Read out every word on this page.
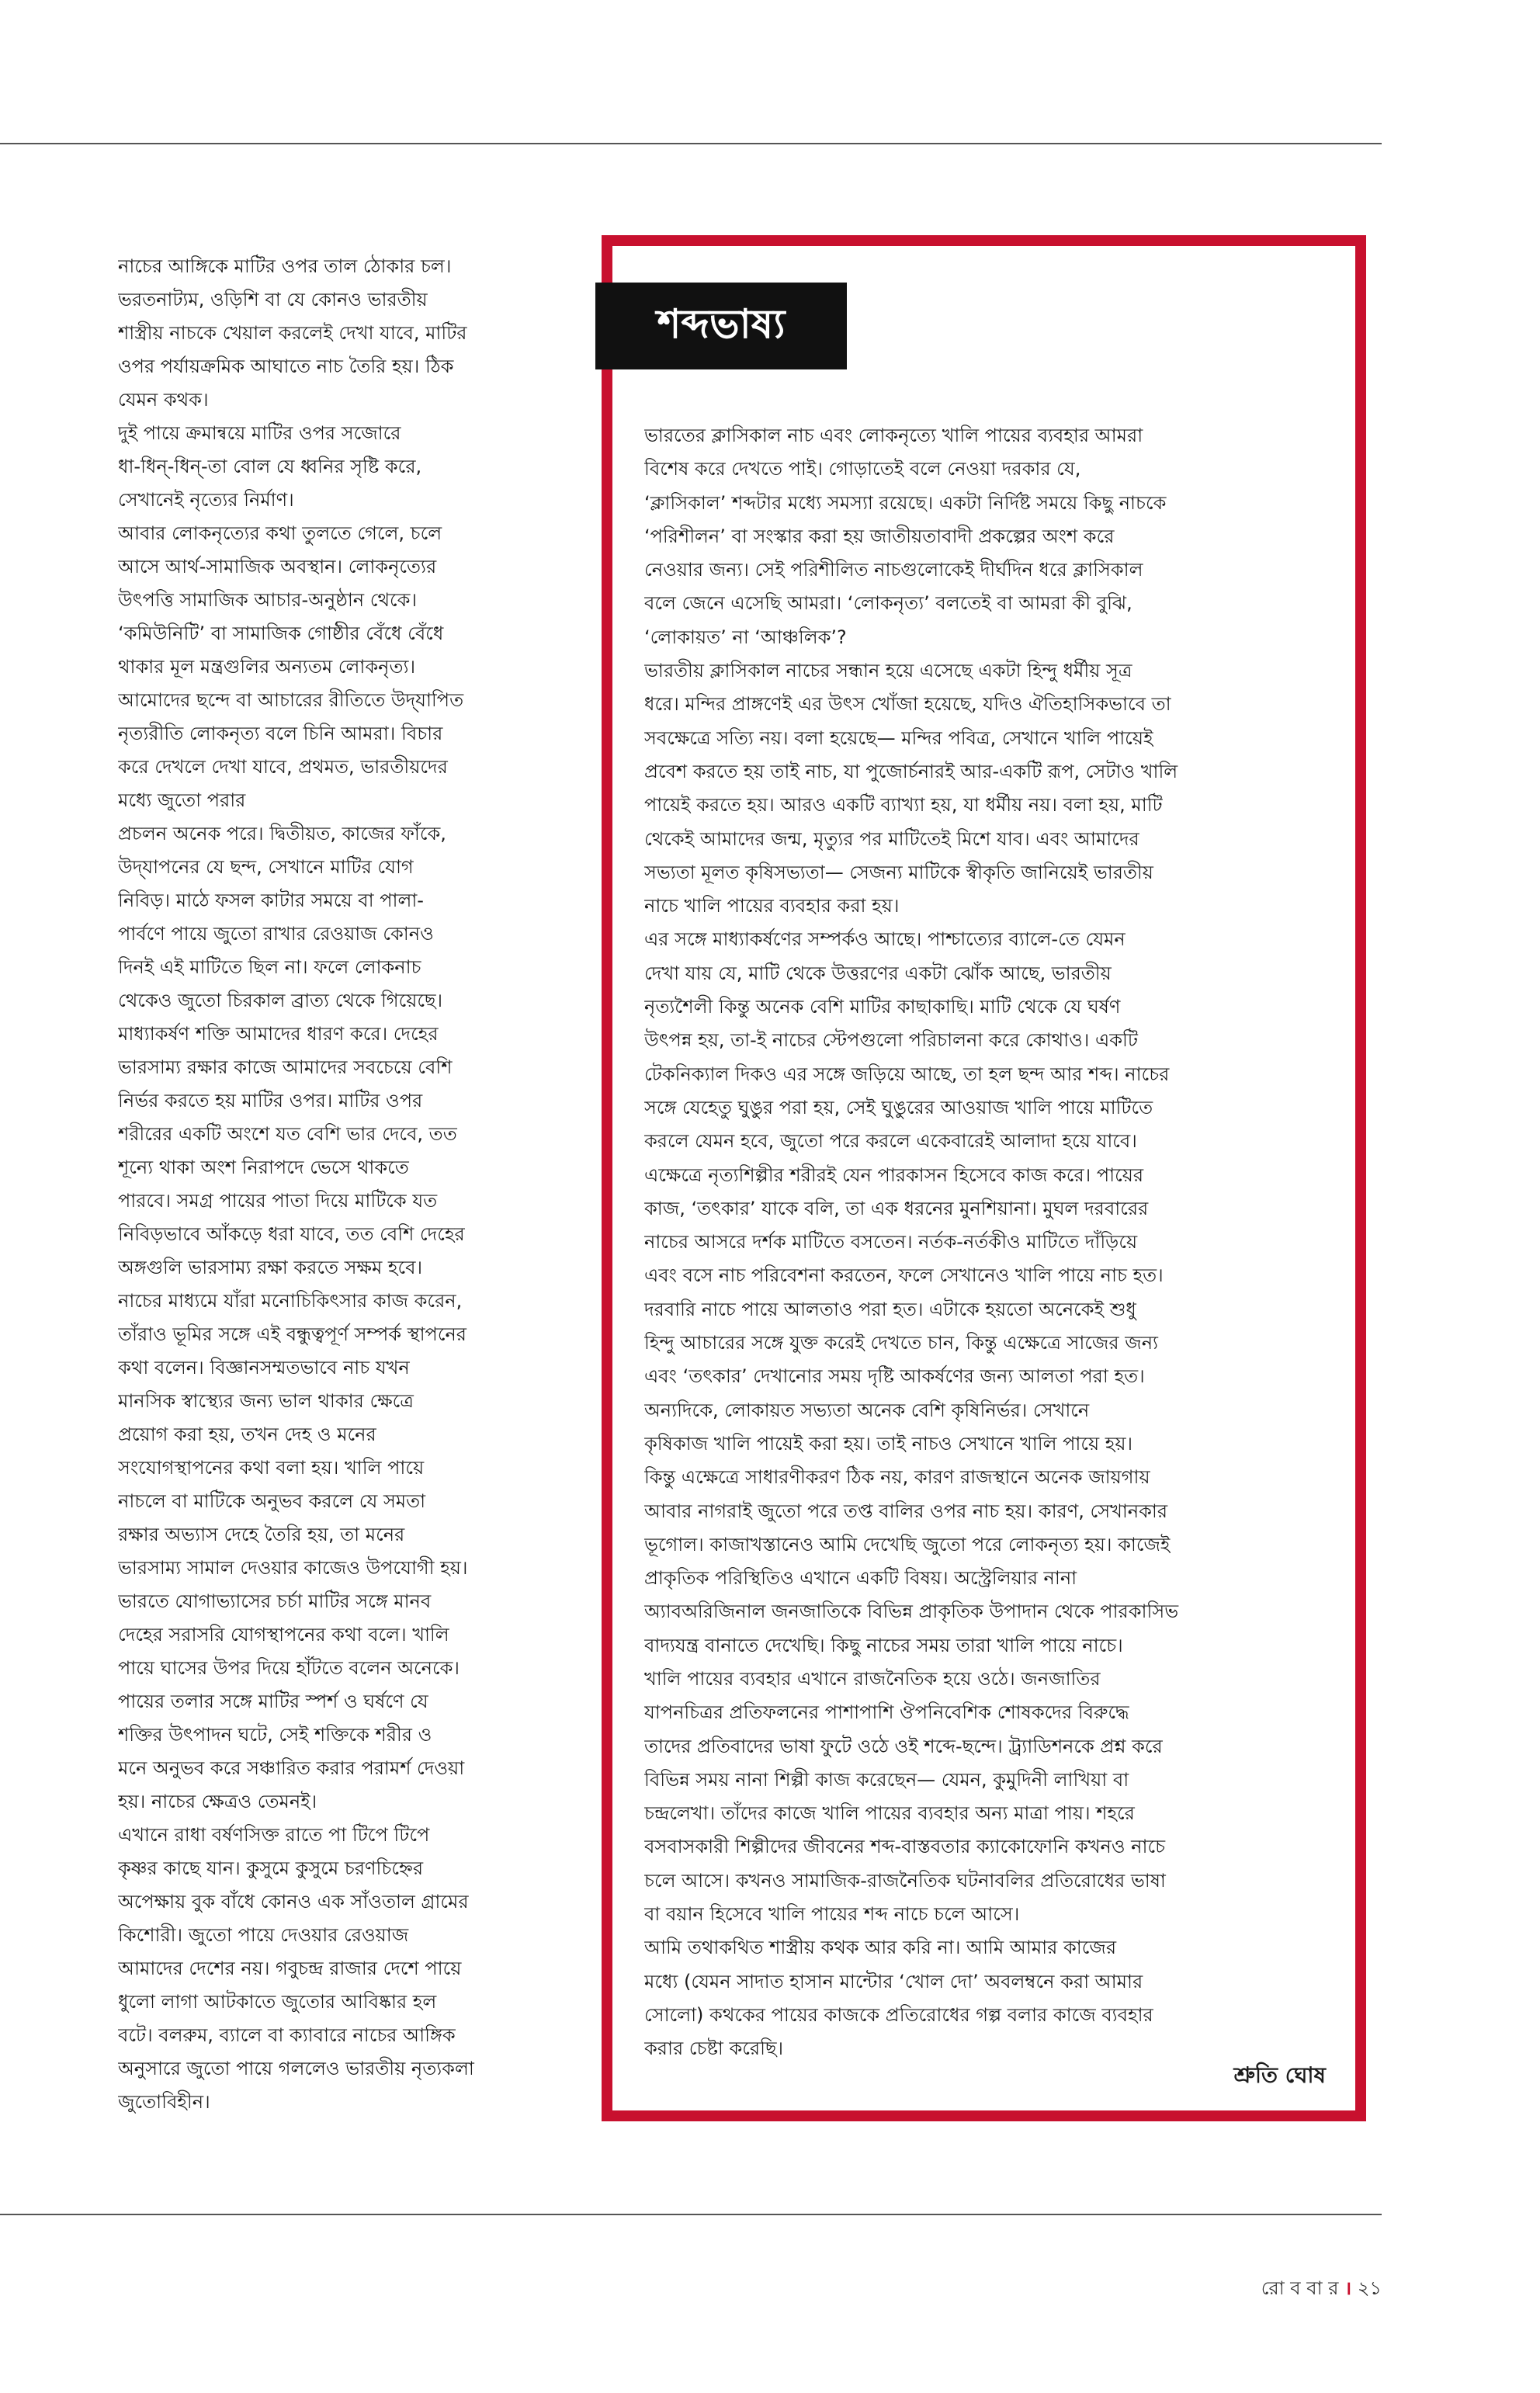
নাচের আঙ্গিকে মাটির ওপর তাল ঠোকার চল।
ভরতনাট্যম, ওড়িশি বা যে কোনও ভারতীয়
শাস্ত্রীয় নাচকে খেয়াল করলেই দেখা যাবে, মাটির
ওপর পর্যায়ক্রমিক আঘাতে নাচ তৈরি হয়। ঠিক
যেমন কথক।
দুই পায়ে ক্রমান্বয়ে মাটির ওপর সজোরে
ধা-ধিন্-ধিন্-তা বোল যে ধ্বনির সৃষ্টি করে,
সেখানেই নৃত্যের নির্মাণ।
আবার লোকনৃত্যের কথা তুলতে গেলে, চলে
আসে আর্থ-সামাজিক অবস্থান। লোকনৃত্যের
উৎপত্তি সামাজিক আচার-অনুষ্ঠান থেকে।
‘কমিউনিটি’ বা সামাজিক গোষ্ঠীর বেঁধে বেঁধে
থাকার মূল মন্ত্রগুলির অন্যতম লোকনৃত্য।
আমোদের ছন্দে বা আচারের রীতিতে উদ্‌যাপিত
নৃত্যরীতি লোকনৃত্য বলে চিনি আমরা। বিচার
করে দেখলে দেখা যাবে, প্রথমত, ভারতীয়দের
মধ্যে জুতো পরার
প্রচলন অনেক পরে। দ্বিতীয়ত, কাজের ফাঁকে,
উদ্‌যাপনের যে ছন্দ, সেখানে মাটির যোগ
নিবিড়। মাঠে ফসল কাটার সময়ে বা পালা-
পার্বণে পায়ে জুতো রাখার রেওয়াজ কোনও
দিনই এই মাটিতে ছিল না। ফলে লোকনাচ
থেকেও জুতো চিরকাল ব্রাত্য থেকে গিয়েছে।
মাধ্যাকর্ষণ শক্তি আমাদের ধারণ করে। দেহের
ভারসাম্য রক্ষার কাজে আমাদের সবচেয়ে বেশি
নির্ভর করতে হয় মাটির ওপর। মাটির ওপর
শরীরের একটি অংশে যত বেশি ভার দেবে, তত
শূন্যে থাকা অংশ নিরাপদে ভেসে থাকতে
পারবে। সমগ্র পায়ের পাতা দিয়ে মাটিকে যত
নিবিড়ভাবে আঁকড়ে ধরা যাবে, তত বেশি দেহের
অঙ্গগুলি ভারসাম্য রক্ষা করতে সক্ষম হবে।
নাচের মাধ্যমে যাঁরা মনোচিকিৎসার কাজ করেন,
তাঁরাও ভূমির সঙ্গে এই বন্ধুত্বপূর্ণ সম্পর্ক স্থাপনের
কথা বলেন। বিজ্ঞানসম্মতভাবে নাচ যখন
মানসিক স্বাস্থ্যের জন্য ভাল থাকার ক্ষেত্রে
প্রয়োগ করা হয়, তখন দেহ ও মনের
সংযোগস্থাপনের কথা বলা হয়। খালি পায়ে
নাচলে বা মাটিকে অনুভব করলে যে সমতা
রক্ষার অভ্যাস দেহে তৈরি হয়, তা মনের
ভারসাম্য সামাল দেওয়ার কাজেও উপযোগী হয়।
ভারতে যোগাভ্যাসের চর্চা মাটির সঙ্গে মানব
দেহের সরাসরি যোগস্থাপনের কথা বলে। খালি
পায়ে ঘাসের উপর দিয়ে হাঁটতে বলেন অনেকে।
পায়ের তলার সঙ্গে মাটির স্পর্শ ও ঘর্ষণে যে
শক্তির উৎপাদন ঘটে, সেই শক্তিকে শরীর ও
মনে অনুভব করে সঞ্চারিত করার পরামর্শ দেওয়া
হয়। নাচের ক্ষেত্রও তেমনই।
এখানে রাধা বর্ষণসিক্ত রাতে পা টিপে টিপে
কৃষ্ণর কাছে যান। কুসুমে কুসুমে চরণচিহ্নের
অপেক্ষায় বুক বাঁধে কোনও এক সাঁওতাল গ্রামের
কিশোরী। জুতো পায়ে দেওয়ার রেওয়াজ
আমাদের দেশের নয়। গবুচন্দ্র রাজার দেশে পায়ে
ধুলো লাগা আটকাতে জুতোর আবিষ্কার হল
বটে। বলরুম, ব্যালে বা ক্যাবারে নাচের আঙ্গিক
অনুসারে জুতো পায়ে গললেও ভারতীয় নৃত্যকলা
জুতোবিহীন।
শব্দভাষ্য
ভারতের ক্লাসিকাল নাচ এবং লোকনৃত্যে খালি পায়ের ব্যবহার আমরা
বিশেষ করে দেখতে পাই। গোড়াতেই বলে নেওয়া দরকার যে,
‘ক্লাসিকাল’ শব্দটার মধ্যে সমস্যা রয়েছে। একটা নির্দিষ্ট সময়ে কিছু নাচকে
‘পরিশীলন’ বা সংস্কার করা হয় জাতীয়তাবাদী প্রকল্পের অংশ করে
নেওয়ার জন্য। সেই পরিশীলিত নাচগুলোকেই দীর্ঘদিন ধরে ক্লাসিকাল
বলে জেনে এসেছি আমরা। ‘লোকনৃত্য’ বলতেই বা আমরা কী বুঝি,
‘লোকায়ত’ না ‘আঞ্চলিক’?
ভারতীয় ক্লাসিকাল নাচের সন্ধান হয়ে এসেছে একটা হিন্দু ধর্মীয় সূত্র
ধরে। মন্দির প্রাঙ্গণেই এর উৎস খোঁজা হয়েছে, যদিও ঐতিহাসিকভাবে তা
সবক্ষেত্রে সত্যি নয়। বলা হয়েছে— মন্দির পবিত্র, সেখানে খালি পায়েই
প্রবেশ করতে হয় তাই নাচ, যা পুজোর্চনারই আর-একটি রূপ, সেটাও খালি
পায়েই করতে হয়। আরও একটি ব্যাখ্যা হয়, যা ধর্মীয় নয়। বলা হয়, মাটি
থেকেই আমাদের জন্ম, মৃত্যুর পর মাটিতেই মিশে যাব। এবং আমাদের
সভ্যতা মূলত কৃষিসভ্যতা— সেজন্য মাটিকে স্বীকৃতি জানিয়েই ভারতীয়
নাচে খালি পায়ের ব্যবহার করা হয়।
এর সঙ্গে মাধ্যাকর্ষণের সম্পর্কও আছে। পাশ্চাত্যের ব্যালে-তে যেমন
দেখা যায় যে, মাটি থেকে উত্তরণের একটা ঝোঁক আছে, ভারতীয়
নৃত্যশৈলী কিন্তু অনেক বেশি মাটির কাছাকাছি। মাটি থেকে যে ঘর্ষণ
উৎপন্ন হয়, তা-ই নাচের স্টেপগুলো পরিচালনা করে কোথাও। একটি
টেকনিক্যাল দিকও এর সঙ্গে জড়িয়ে আছে, তা হল ছন্দ আর শব্দ। নাচের
সঙ্গে যেহেতু ঘুঙুর পরা হয়, সেই ঘুঙুরের আওয়াজ খালি পায়ে মাটিতে
করলে যেমন হবে, জুতো পরে করলে একেবারেই আলাদা হয়ে যাবে।
এক্ষেত্রে নৃত্যশিল্পীর শরীরই যেন পারকাসন হিসেবে কাজ করে। পায়ের
কাজ, ‘তৎকার’ যাকে বলি, তা এক ধরনের মুনশিয়ানা। মুঘল দরবারের
নাচের আসরে দর্শক মাটিতে বসতেন। নর্তক-নর্তকীও মাটিতে দাঁড়িয়ে
এবং বসে নাচ পরিবেশনা করতেন, ফলে সেখানেও খালি পায়ে নাচ হত।
দরবারি নাচে পায়ে আলতাও পরা হত। এটাকে হয়তো অনেকেই শুধু
হিন্দু আচারের সঙ্গে যুক্ত করেই দেখতে চান, কিন্তু এক্ষেত্রে সাজের জন্য
এবং ‘তৎকার’ দেখানোর সময় দৃষ্টি আকর্ষণের জন্য আলতা পরা হত।
অন্যদিকে, লোকায়ত সভ্যতা অনেক বেশি কৃষিনির্ভর। সেখানে
কৃষিকাজ খালি পায়েই করা হয়। তাই নাচও সেখানে খালি পায়ে হয়।
কিন্তু এক্ষেত্রে সাধারণীকরণ ঠিক নয়, কারণ রাজস্থানে অনেক জায়গায়
আবার নাগরাই জুতো পরে তপ্ত বালির ওপর নাচ হয়। কারণ, সেখানকার
ভূগোল। কাজাখস্তানেও আমি দেখেছি জুতো পরে লোকনৃত্য হয়। কাজেই
প্রাকৃতিক পরিস্থিতিও এখানে একটি বিষয়। অস্ট্রেলিয়ার নানা
অ্যাবঅরিজিনাল জনজাতিকে বিভিন্ন প্রাকৃতিক উপাদান থেকে পারকাসিভ
বাদ্যযন্ত্র বানাতে দেখেছি। কিছু নাচের সময় তারা খালি পায়ে নাচে।
খালি পায়ের ব্যবহার এখানে রাজনৈতিক হয়ে ওঠে। জনজাতির
যাপনচিত্রর প্রতিফলনের পাশাপাশি ঔপনিবেশিক শোষকদের বিরুদ্ধে
তাদের প্রতিবাদের ভাষা ফুটে ওঠে ওই শব্দে-ছন্দে। ট্র্যাডিশনকে প্রশ্ন করে
বিভিন্ন সময় নানা শিল্পী কাজ করেছেন— যেমন, কুমুদিনী লাখিয়া বা
চন্দ্রলেখা। তাঁদের কাজে খালি পায়ের ব্যবহার অন্য মাত্রা পায়। শহরে
বসবাসকারী শিল্পীদের জীবনের শব্দ-বাস্তবতার ক্যাকোফোনি কখনও নাচে
চলে আসে। কখনও সামাজিক-রাজনৈতিক ঘটনাবলির প্রতিরোধের ভাষা
বা বয়ান হিসেবে খালি পায়ের শব্দ নাচে চলে আসে।
আমি তথাকথিত শাস্ত্রীয় কথক আর করি না। আমি আমার কাজের
মধ্যে (যেমন সাদাত হাসান মান্টোর ‘খোল দো’ অবলম্বনে করা আমার
সোলো) কথকের পায়ের কাজকে প্রতিরোধের গল্প বলার কাজে ব্যবহার
করার চেষ্টা করেছি।
শ্রুতি ঘোষ
রো ব বা র । ২১
